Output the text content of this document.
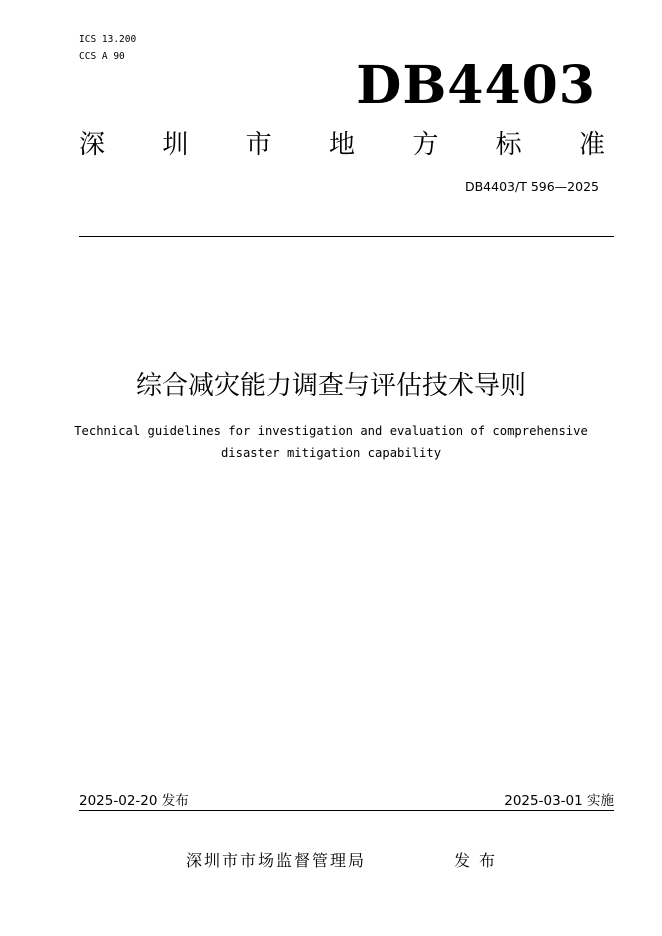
ICS 13.200
CCS A 90	DB4403
深 圳 市 地 方 标 准
DB4403/T 596—2025
综合减灾能力调查与评估技术导则
Technical guidelines for investigation and evaluation of comprehensive
disaster mitigation capability
2025-02-20 发布	2025-03-01 实施
深圳市市场监督管理局	发布
